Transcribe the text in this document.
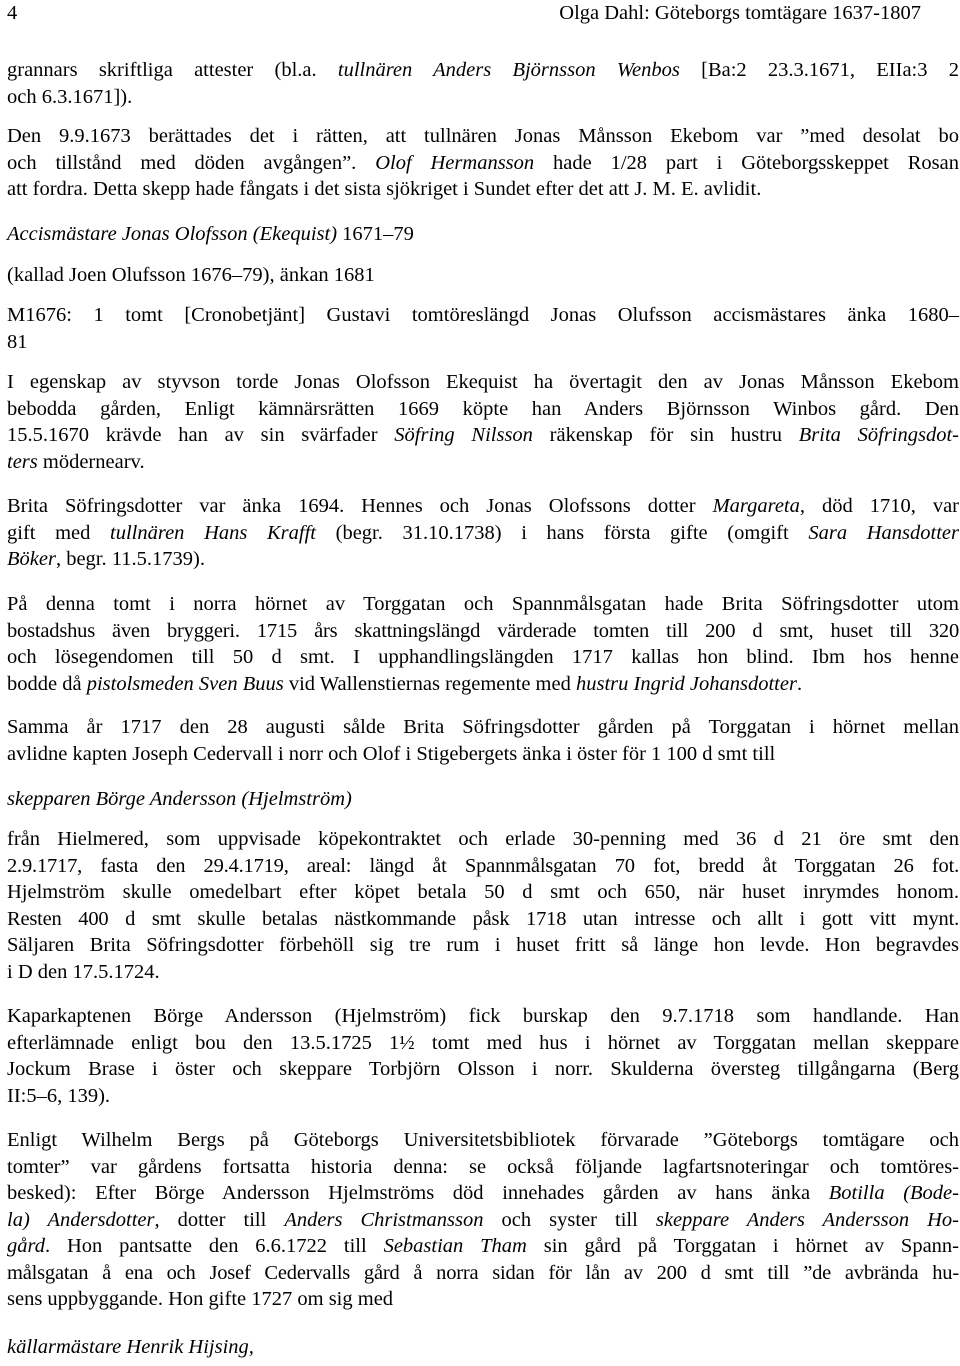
4	Olga Dahl: Göteborgs tomtägare 1637-1807
grannars skriftliga attester (bl.a. tullnären Anders Björnsson Wenbos [Ba:2 23.3.1671, EIIa:3 2
och 6.3.1671]).
Den 9.9.1673 berättades det i rätten, att tullnären Jonas Månsson Ekebom var ”med desolat bo
och tillstånd med döden avgången”. Olof Hermansson hade 1/28 part i Göteborgsskeppet Rosan
att fordra. Detta skepp hade fångats i det sista sjökriget i Sundet efter det att J. M. E. avlidit.
Accismästare Jonas Olofsson (Ekequist) 1671–79
(kallad Joen Olufsson 1676–79), änkan 1681
M1676: 1 tomt [Cronobetjänt] Gustavi tomtöreslängd Jonas Olufsson accismästares änka 1680–
81
I egenskap av styvson torde Jonas Olofsson Ekequist ha övertagit den av Jonas Månsson Ekebom
bebodda gården, Enligt kämnärsrätten 1669 köpte han Anders Björnsson Winbos gård. Den
15.5.1670 krävde han av sin svärfader Söfring Nilsson räkenskap för sin hustru Brita Söfringsdot-
ters mödernearv.
Brita Söfringsdotter var änka 1694. Hennes och Jonas Olofssons dotter Margareta, död 1710, var
gift med tullnären Hans Krafft (begr. 31.10.1738) i hans första gifte (omgift Sara Hansdotter
Böker, begr. 11.5.1739).
På denna tomt i norra hörnet av Torggatan och Spannmålsgatan hade Brita Söfringsdotter utom
bostadshus även bryggeri. 1715 års skattningslängd värderade tomten till 200 d smt, huset till 320
och lösegendomen till 50 d smt. I upphandlingslängden 1717 kallas hon blind. Ibm hos henne
bodde då pistolsmeden Sven Buus vid Wallenstiernas regemente med hustru Ingrid Johansdotter.
Samma år 1717 den 28 augusti sålde Brita Söfringsdotter gården på Torggatan i hörnet mellan
avlidne kapten Joseph Cedervall i norr och Olof i Stigebergets änka i öster för 1 100 d smt till
skepparen Börge Andersson (Hjelmström)
från Hielmered, som uppvisade köpekontraktet och erlade 30-penning med 36 d 21 öre smt den
2.9.1717, fasta den 29.4.1719, areal: längd åt Spannmålsgatan 70 fot, bredd åt Torggatan 26 fot.
Hjelmström skulle omedelbart efter köpet betala 50 d smt och 650, när huset inrymdes honom.
Resten 400 d smt skulle betalas nästkommande påsk 1718 utan intresse och allt i gott vitt mynt.
Säljaren Brita Söfringsdotter förbehöll sig tre rum i huset fritt så länge hon levde. Hon begravdes
i D den 17.5.1724.
Kaparkaptenen Börge Andersson (Hjelmström) fick burskap den 9.7.1718 som handlande. Han
efterlämnade enligt bou den 13.5.1725 1½ tomt med hus i hörnet av Torggatan mellan skeppare
Jockum Brase i öster och skeppare Torbjörn Olsson i norr. Skulderna översteg tillgångarna (Berg
II:5–6, 139).
Enligt Wilhelm Bergs på Göteborgs Universitetsbibliotek förvarade ”Göteborgs tomtägare och
tomter” var gårdens fortsatta historia denna: se också följande lagfartsnoteringar och tomtöres-
besked): Efter Börge Andersson Hjelmströms död innehades gården av hans änka Botilla (Bode-
la) Andersdotter, dotter till Anders Christmansson och syster till skeppare Anders Andersson Ho-
gård. Hon pantsatte den 6.6.1722 till Sebastian Tham sin gård på Torggatan i hörnet av Spann-
målsgatan å ena och Josef Cedervalls gård å norra sidan för lån av 200 d smt till ”de avbrända hu-
sens uppbyggande. Hon gifte 1727 om sig med
källarmästare Henrik Hijsing,
